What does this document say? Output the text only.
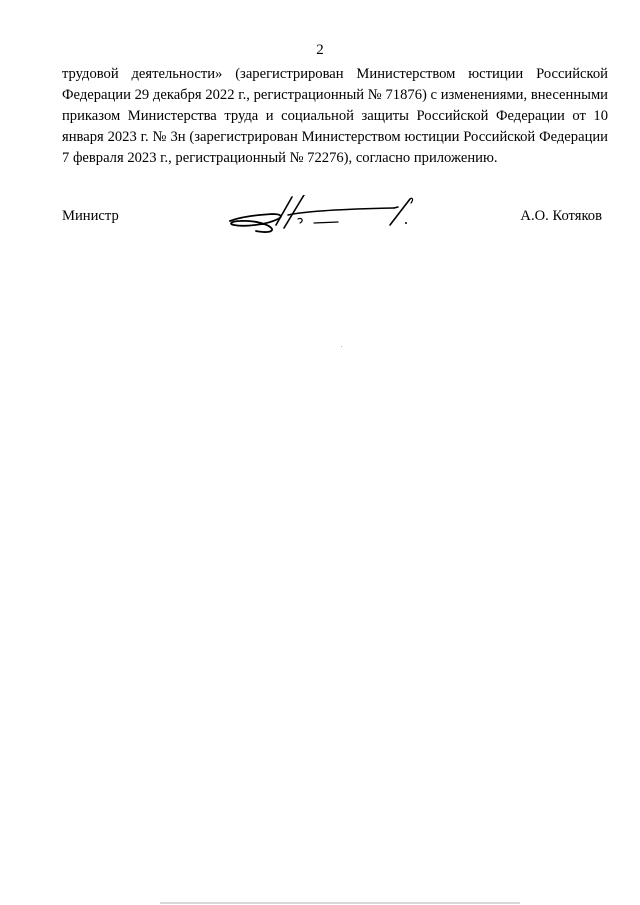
2

трудовой деятельности» (зарегистрирован Министерством юстиции Российской Федерации 29 декабря 2022 г., регистрационный № 71876) с изменениями, внесенными приказом Министерства труда и социальной защиты Российской Федерации от 10 января 2023 г. № 3н (зарегистрирован Министерством юстиции Российской Федерации 7 февраля 2023 г., регистрационный № 72276), согласно приложению.

Министр	А.О. Котяков
